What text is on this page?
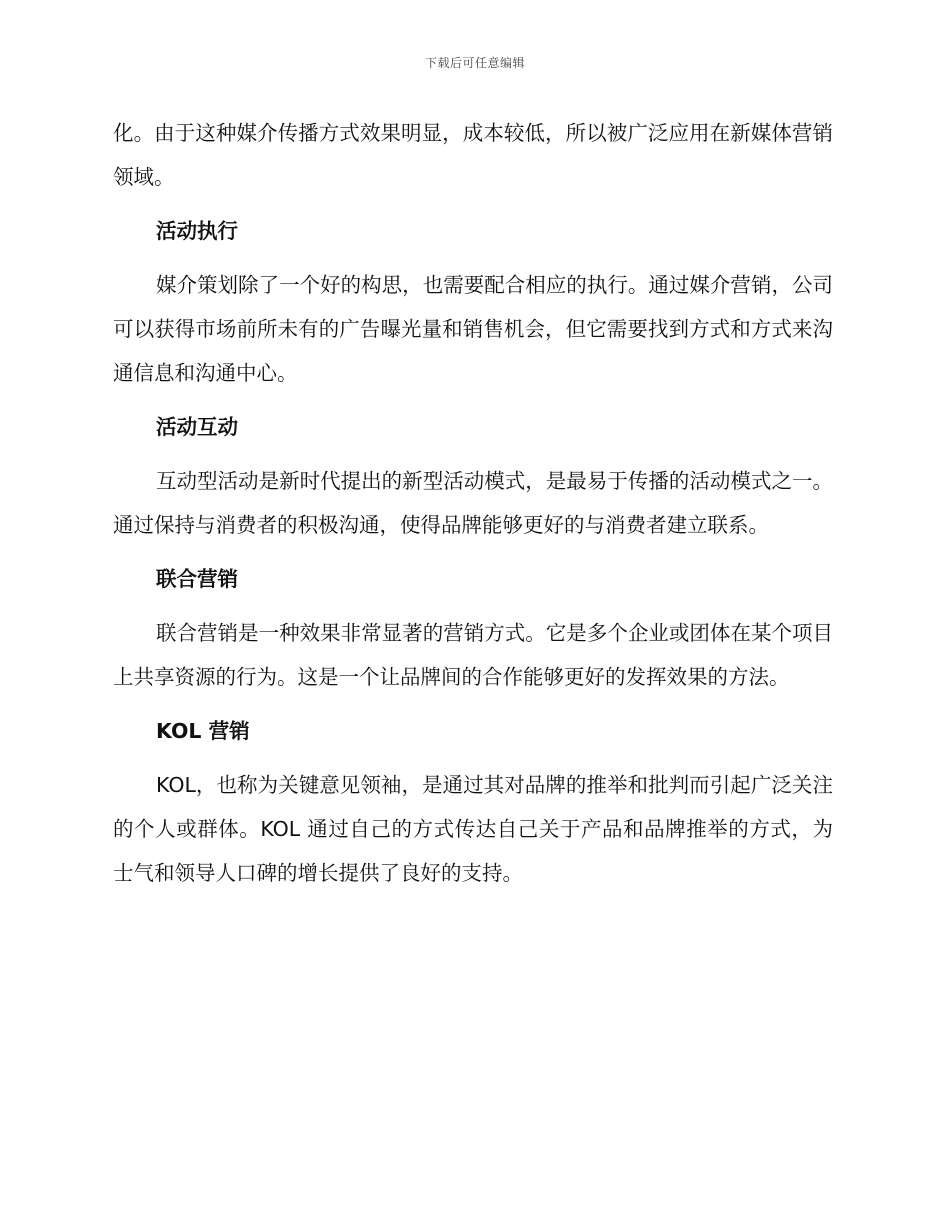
下载后可任意编辑

化。由于这种媒介传播方式效果明显，成本较低，所以被广泛应用在新媒体营销领域。

活动执行

媒介策划除了一个好的构思，也需要配合相应的执行。通过媒介营销，公司可以获得市场前所未有的广告曝光量和销售机会，但它需要找到方式和方式来沟通信息和沟通中心。

活动互动

互动型活动是新时代提出的新型活动模式，是最易于传播的活动模式之一。通过保持与消费者的积极沟通，使得品牌能够更好的与消费者建立联系。

联合营销

联合营销是一种效果非常显著的营销方式。它是多个企业或团体在某个项目上共享资源的行为。这是一个让品牌间的合作能够更好的发挥效果的方法。

KOL 营销

KOL，也称为关键意见领袖，是通过其对品牌的推举和批判而引起广泛关注的个人或群体。KOL 通过自己的方式传达自己关于产品和品牌推举的方式，为士气和领导人口碑的增长提供了良好的支持。
